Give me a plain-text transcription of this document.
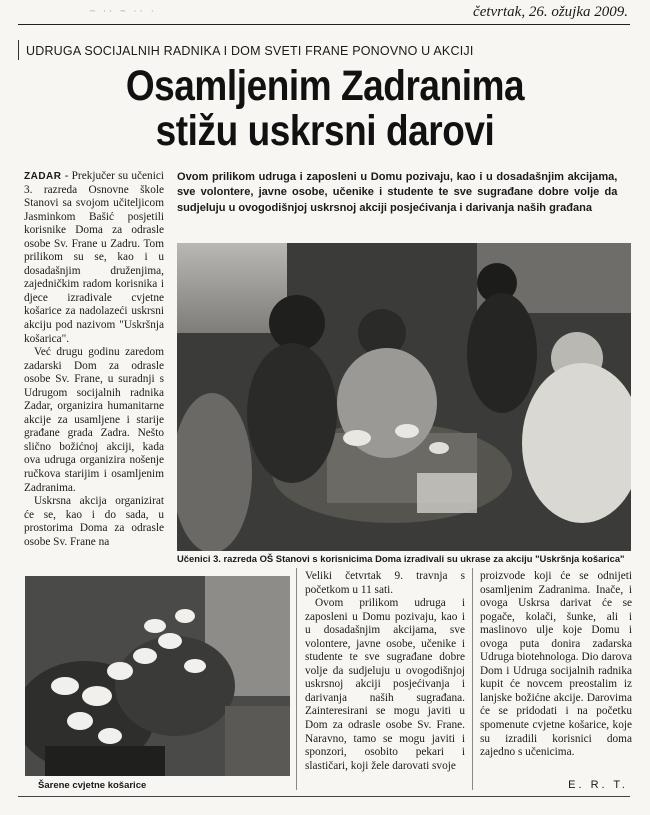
~ ·· ~ ·· ·	četvrtak, 26. ožujka 2009.
UDRUGA SOCIJALNIH RADNIKA I DOM SVETI FRANE PONOVNO U AKCIJI
Osamljenim Zadranima
stižu uskrsni darovi

ZADAR - Prekjučer su učenici 3. razreda Osnovne škole Stanovi sa svojom učiteljicom Jasminkom Bašić posjetili korisnike Doma za odrasle osobe Sv. Frane u Zadru. Tom prilikom su se, kao i u dosadašnjim druženjima, zajedničkim radom korisnika i djece izradivale cvjetne košarice za nadolazeći uskrsni akciju pod nazivom "Uskršnja košarica".

Već drugu godinu zaredom zadarski Dom za odrasle osobe Sv. Frane, u suradnji s Udrugom socijalnih radnika Zadar, organizira humanitarne akcije za usamljene i starije građane grada Zadra. Nešto slično božićnoj akciji, kada ova udruga organizira nošenje ručkova starijim i osamljenim Zadranima.

Uskrsna akcija organizirat će se, kao i do sada, u prostorima Doma za odrasle osobe Sv. Frane na

Ovom prilikom udruga i zaposleni u Domu pozivaju, kao i u dosadašnjim akcijama, sve volontere, javne osobe, učenike i studente te sve sugrađane dobre volje da sudjeluju u ovogodišnjoj uskrsnoj akciji posjećivanja i darivanja naših građana
Učenici 3. razreda OŠ Stanovi s korisnicima Doma izradivali su ukrase za akciju "Uskršnja košarica"
Šarene cvjetne košarice

Veliki četvrtak 9. travnja s početkom u 11 sati.

Ovom prilikom udruga i zaposleni u Domu pozivaju, kao i u dosadašnjim akcijama, sve volontere, javne osobe, učenike i studente te sve sugrađane dobre volje da sudjeluju u ovogodišnjoj uskrsnoj akciji posjećivanja i darivanja naših sugrađana. Zainteresirani se mogu javiti u Dom za odrasle osobe Sv. Frane. Naravno, tamo se mogu javiti i sponzori, osobito pekari i slastičari, koji žele darovati svoje

proizvode koji će se odnijeti osamljenim Zadranima. Inače, i ovoga Uskrsa darivat će se pogače, kolači, šunke, ali i maslinovo ulje koje Domu i ovoga puta donira zadarska Udruga biotehnologa. Dio darova Dom i Udruga socijalnih radnika kupit će novcem preostalim iz lanjske božićne akcije. Darovima će se pridodati i na početku spomenute cvjetne košarice, koje su izradili korisnici doma zajedno s učenicima.

E. R. T.
